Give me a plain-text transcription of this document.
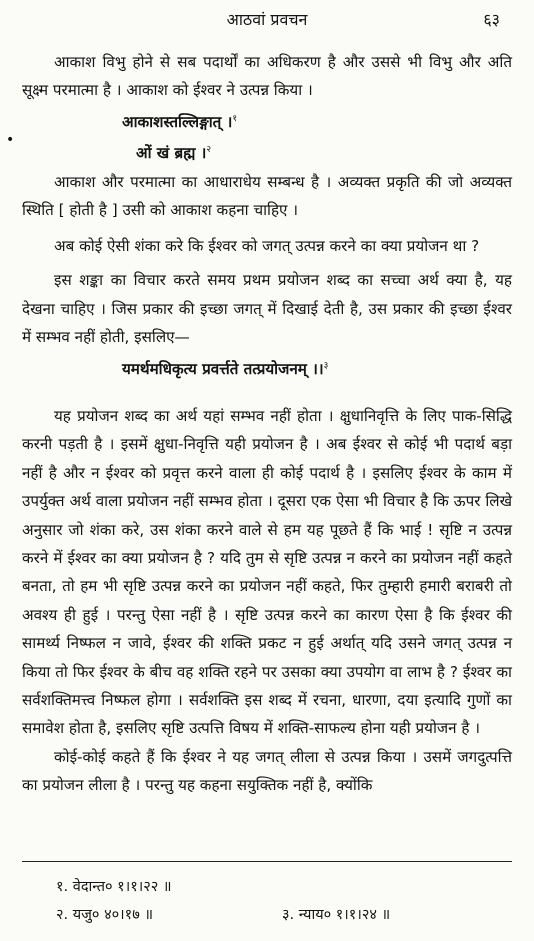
आठवां प्रवचन	६३
•

आकाश विभु होने से सब पदार्थों का अधिकरण है और उससे भी विभु और अति सूक्ष्म परमात्मा है । आकाश को ईश्वर ने उत्पन्न किया ।

आकाशस्तल्लिङ्गात् ।$^१$

ओं खं ब्रह्म ।$^२$

आकाश और परमात्मा का आधाराधेय सम्बन्ध है । अव्यक्त प्रकृति की जो अव्यक्त स्थिति [ होती है ] उसी को आकाश कहना चाहिए ।

अब कोई ऐसी शंका करे कि ईश्वर को जगत् उत्पन्न करने का क्या प्रयोजन था ?

इस शङ्का का विचार करते समय प्रथम प्रयोजन शब्द का सच्चा अर्थ क्या है, यह देखना चाहिए । जिस प्रकार की इच्छा जगत् में दिखाई देती है, उस प्रकार की इच्छा ईश्वर में सम्भव नहीं होती, इसलिए—

यमर्थमधिकृत्य प्रवर्त्तते तत्प्रयोजनम् ।।$^३$

यह प्रयोजन शब्द का अर्थ यहां सम्भव नहीं होता । क्षुधानिवृत्ति के लिए पाक-सिद्धि करनी पड़ती है । इसमें क्षुधा-निवृत्ति यही प्रयोजन है । अब ईश्वर से कोई भी पदार्थ बड़ा नहीं है और न ईश्वर को प्रवृत्त करने वाला ही कोई पदार्थ है । इसलिए ईश्वर के काम में उपर्युक्त अर्थ वाला प्रयोजन नहीं सम्भव होता । दूसरा एक ऐसा भी विचार है कि ऊपर लिखे अनुसार जो शंका करे, उस शंका करने वाले से हम यह पूछते हैं कि भाई ! सृष्टि न उत्पन्न करने में ईश्वर का क्या प्रयोजन है ? यदि तुम से सृष्टि उत्पन्न न करने का प्रयोजन नहीं कहते बनता, तो हम भी सृष्टि उत्पन्न करने का प्रयोजन नहीं कहते, फिर तुम्हारी हमारी बराबरी तो अवश्य ही हुई । परन्तु ऐसा नहीं है । सृष्टि उत्पन्न करने का कारण ऐसा है कि ईश्वर की सामर्थ्य निष्फल न जावे, ईश्वर की शक्ति प्रकट न हुई अर्थात् यदि उसने जगत् उत्पन्न न किया तो फिर ईश्वर के बीच वह शक्ति रहने पर उसका क्या उपयोग वा लाभ है ? ईश्वर का सर्वशक्तिमत्त्व निष्फल होगा । सर्वशक्ति इस शब्द में रचना, धारणा, दया इत्यादि गुणों का समावेश होता है, इसलिए सृष्टि उत्पत्ति विषय में शक्ति-साफल्य होना यही प्रयोजन है ।

कोई-कोई कहते हैं कि ईश्वर ने यह जगत् लीला से उत्पन्न किया । उसमें जगदुत्पत्ति का प्रयोजन लीला है । परन्तु यह कहना सयुक्तिक नहीं है, क्योंकि

१. वेदान्त० १।१।२२ ॥
२. यजु० ४०।१७ ॥	३. न्याय० १।१।२४ ॥
